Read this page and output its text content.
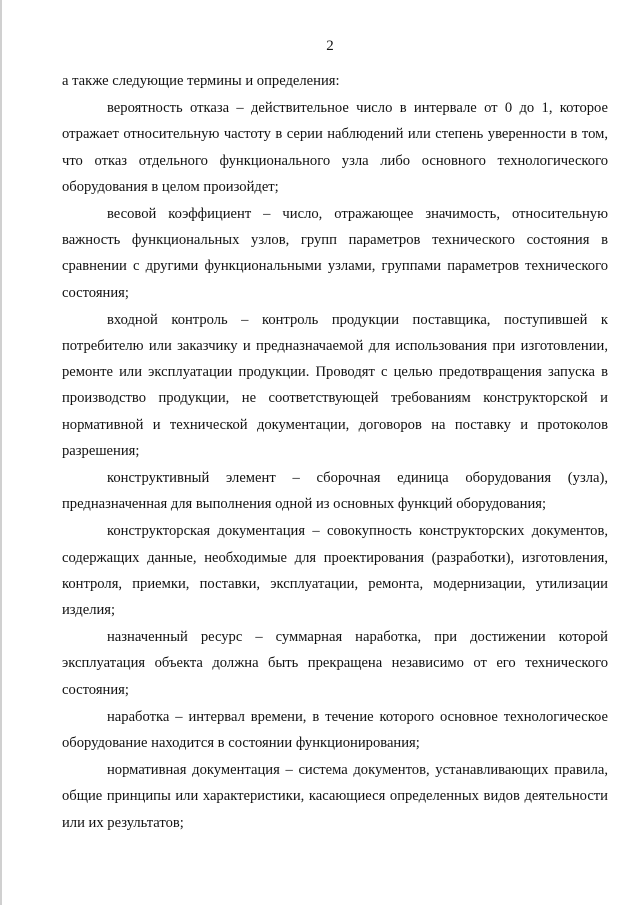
2

а также следующие термины и определения:

вероятность отказа – действительное число в интервале от 0 до 1, которое отражает относительную частоту в серии наблюдений или степень уверенности в том, что отказ отдельного функционального узла либо основного технологического оборудования в целом произойдет;

весовой коэффициент – число, отражающее значимость, относительную важность функциональных узлов, групп параметров технического состояния в сравнении с другими функциональными узлами, группами параметров технического состояния;

входной контроль – контроль продукции поставщика, поступившей к потребителю или заказчику и предназначаемой для использования при изготовлении, ремонте или эксплуатации продукции. Проводят с целью предотвращения запуска в производство продукции, не соответствующей требованиям конструкторской и нормативной и технической документации, договоров на поставку и протоколов разрешения;

конструктивный элемент – сборочная единица оборудования (узла), предназначенная для выполнения одной из основных функций оборудования;

конструкторская документация – совокупность конструкторских документов, содержащих данные, необходимые для проектирования (разработки), изготовления, контроля, приемки, поставки, эксплуатации, ремонта, модернизации, утилизации изделия;

назначенный ресурс – суммарная наработка, при достижении которой эксплуатация объекта должна быть прекращена независимо от его технического состояния;

наработка – интервал времени, в течение которого основное технологическое оборудование находится в состоянии функционирования;

нормативная документация – система документов, устанавливающих правила, общие принципы или характеристики, касающиеся определенных видов деятельности или их результатов;
